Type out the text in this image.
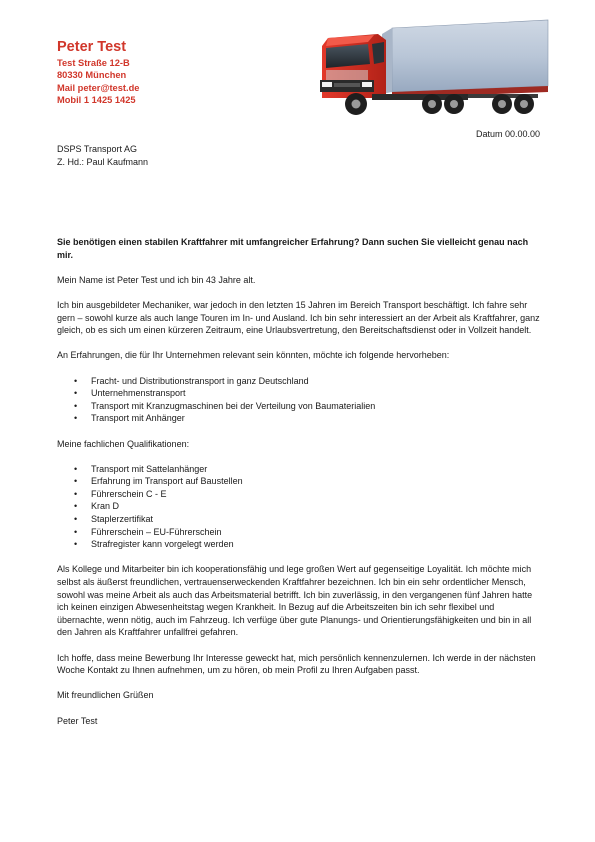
Peter Test
Test Straße 12-B
80330 München
Mail peter@test.de
Mobil 1 1425 1425
Datum 00.00.00
DSPS Transport AG
Z. Hd.: Paul Kaufmann

Sie benötigen einen stabilen Kraftfahrer mit umfangreicher Erfahrung? Dann suchen Sie vielleicht genau nach mir.

Mein Name ist Peter Test und ich bin 43 Jahre alt.

Ich bin ausgebildeter Mechaniker, war jedoch in den letzten 15 Jahren im Bereich Transport beschäftigt. Ich fahre sehr gern – sowohl kurze als auch lange Touren im In- und Ausland. Ich bin sehr interessiert an der Arbeit als Kraftfahrer, ganz gleich, ob es sich um einen kürzeren Zeitraum, eine Urlaubsvertretung, den Bereitschaftsdienst oder in Vollzeit handelt.

An Erfahrungen, die für Ihr Unternehmen relevant sein könnten, möchte ich folgende hervorheben:

• Fracht- und Distributionstransport in ganz Deutschland
• Unternehmenstransport
• Transport mit Kranzugmaschinen bei der Verteilung von Baumaterialien
• Transport mit Anhänger

Meine fachlichen Qualifikationen:

• Transport mit Sattelanhänger
• Erfahrung im Transport auf Baustellen
• Führerschein C - E
• Kran D
• Staplerzertifikat
• Führerschein – EU-Führerschein
• Strafregister kann vorgelegt werden

Als Kollege und Mitarbeiter bin ich kooperationsfähig und lege großen Wert auf gegenseitige Loyalität. Ich möchte mich selbst als äußerst freundlichen, vertrauenserweckenden Kraftfahrer bezeichnen. Ich bin ein sehr ordentlicher Mensch, sowohl was meine Arbeit als auch das Arbeitsmaterial betrifft. Ich bin zuverlässig, in den vergangenen fünf Jahren hatte ich keinen einzigen Abwesenheitstag wegen Krankheit. In Bezug auf die Arbeitszeiten bin ich sehr flexibel und übernachte, wenn nötig, auch im Fahrzeug. Ich verfüge über gute Planungs- und Orientierungsfähigkeiten und bin in all den Jahren als Kraftfahrer unfallfrei gefahren.

Ich hoffe, dass meine Bewerbung Ihr Interesse geweckt hat, mich persönlich kennenzulernen. Ich werde in der nächsten Woche Kontakt zu Ihnen aufnehmen, um zu hören, ob mein Profil zu Ihren Aufgaben passt.

Mit freundlichen Grüßen

Peter Test
